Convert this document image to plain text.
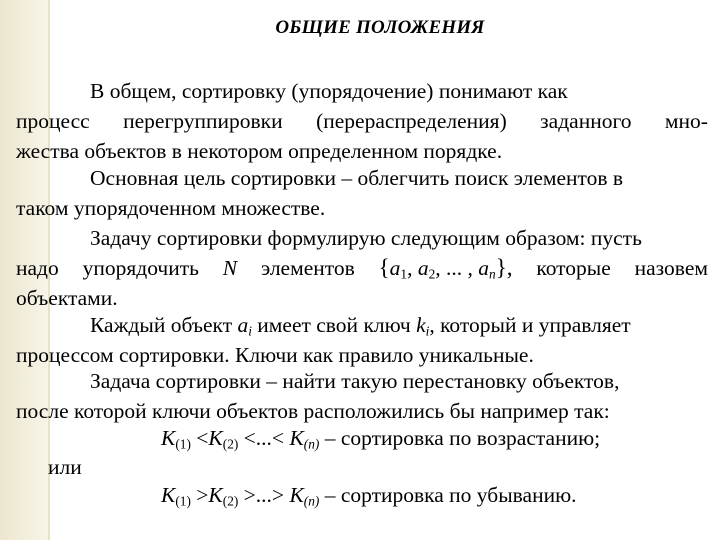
ОБЩИЕ ПОЛОЖЕНИЯ
В общем, сортировку (упорядочение) понимают как
процесс перегруппировки (перераспределения) заданного мно-
жества объектов в некотором определенном порядке.
Основная цель сортировки – облегчить поиск элементов в
таком упорядоченном множестве.
Задачу сортировки формулирую следующим образом: пусть
надо упорядочить N элементов {$a_1$, $a_2$, ... , $a_n$}, которые назовем
объектами.
Каждый объект $a_i$ имеет свой ключ $k_i$, который и управляет
процессом сортировки. Ключи как правило уникальные.
Задача сортировки – найти такую перестановку объектов,
после которой ключи объектов расположились бы например так:
$K_{(1)} <K_{(2)}$ <...< $K_{(n)}$ – сортировка по возрастанию;
или
$K_{(1)} >K_{(2)}$ >...> $K_{(n)}$ – сортировка по убыванию.
